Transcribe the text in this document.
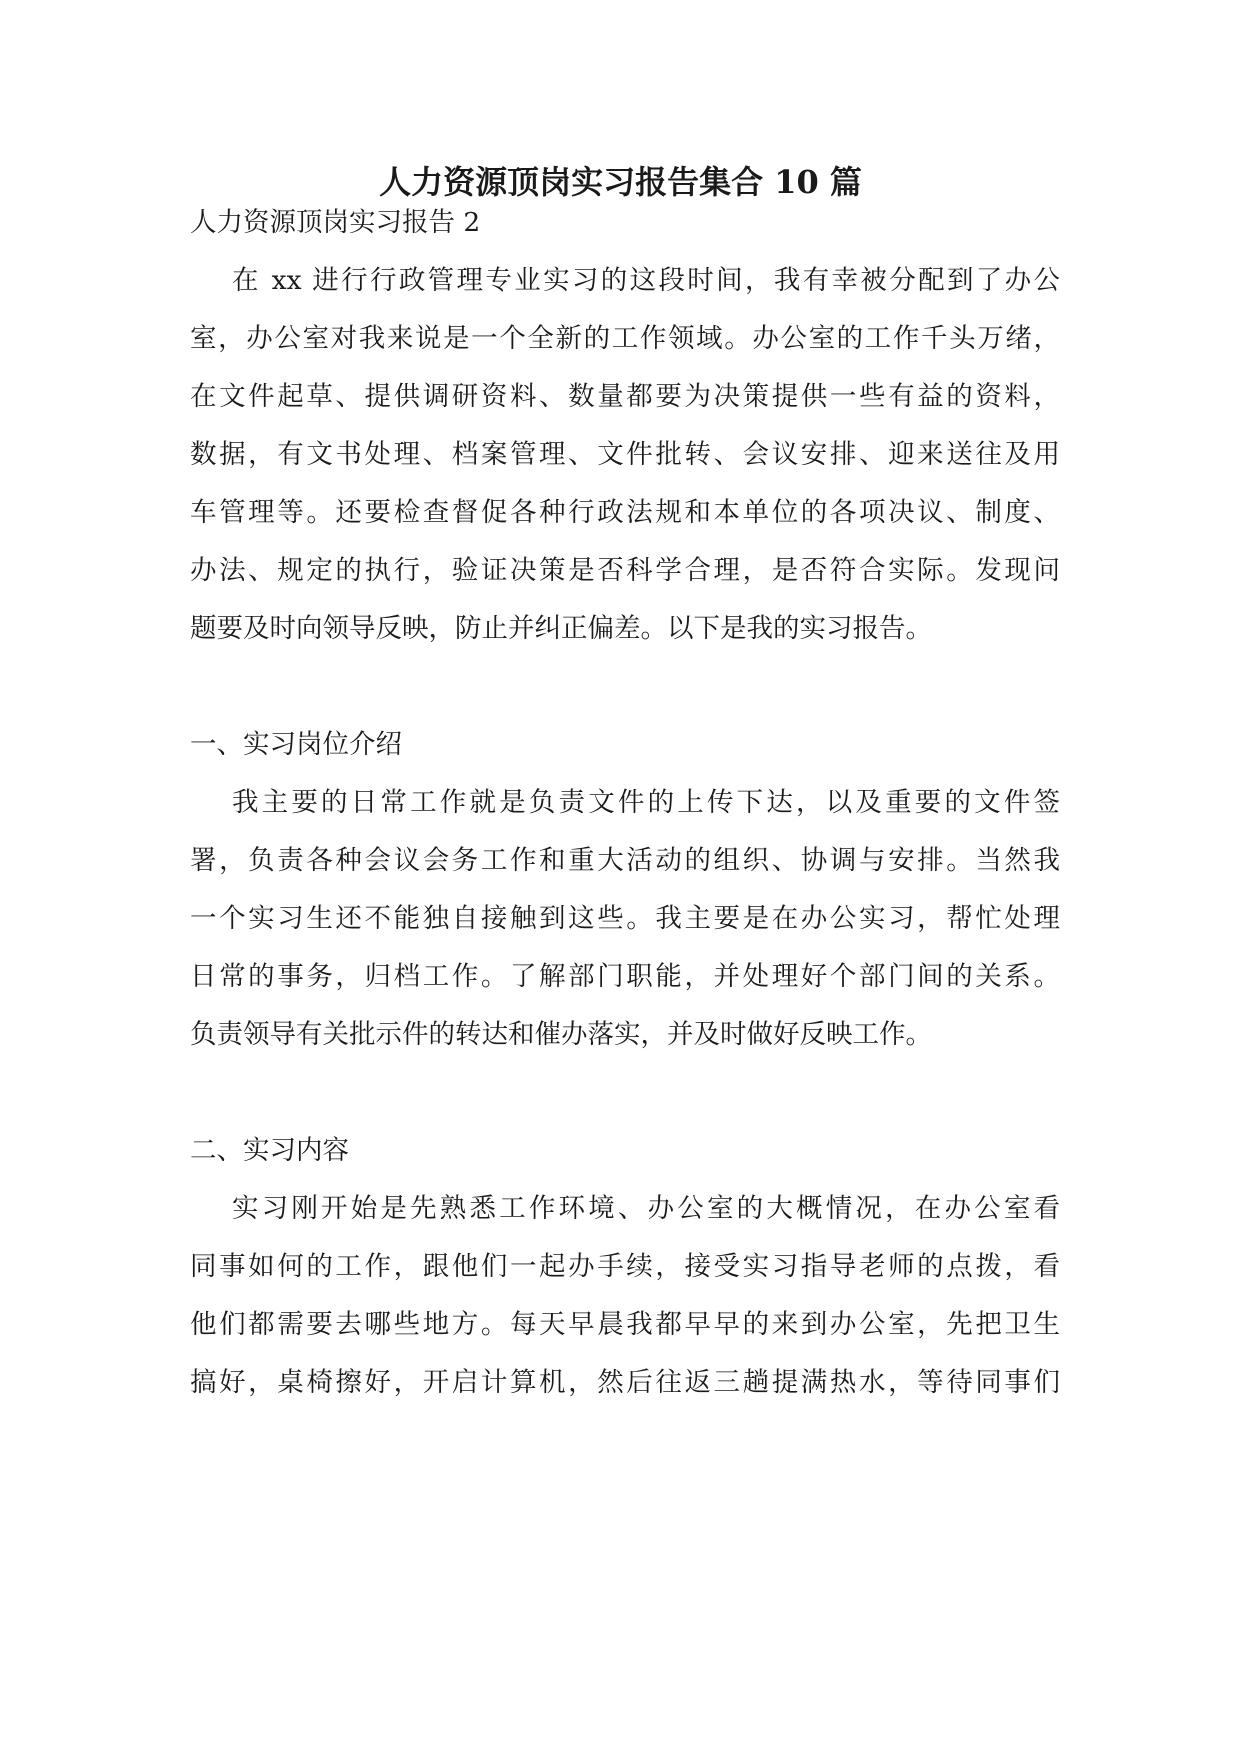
人力资源顶岗实习报告集合 10 篇
人力资源顶岗实习报告 2
在 xx 进行行政管理专业实习的这段时间，我有幸被分配到了办公
室，办公室对我来说是一个全新的工作领域。办公室的工作千头万绪，
在文件起草、提供调研资料、数量都要为决策提供一些有益的资料，
数据，有文书处理、档案管理、文件批转、会议安排、迎来送往及用
车管理等。还要检查督促各种行政法规和本单位的各项决议、制度、
办法、规定的执行，验证决策是否科学合理，是否符合实际。发现问
题要及时向领导反映，防止并纠正偏差。以下是我的实习报告。
一、实习岗位介绍
我主要的日常工作就是负责文件的上传下达，以及重要的文件签
署，负责各种会议会务工作和重大活动的组织、协调与安排。当然我
一个实习生还不能独自接触到这些。我主要是在办公实习，帮忙处理
日常的事务，归档工作。了解部门职能，并处理好个部门间的关系。
负责领导有关批示件的转达和催办落实，并及时做好反映工作。
二、实习内容
实习刚开始是先熟悉工作环境、办公室的大概情况，在办公室看
同事如何的工作，跟他们一起办手续，接受实习指导老师的点拨，看
他们都需要去哪些地方。每天早晨我都早早的来到办公室，先把卫生
搞好，桌椅擦好，开启计算机，然后往返三趟提满热水，等待同事们
